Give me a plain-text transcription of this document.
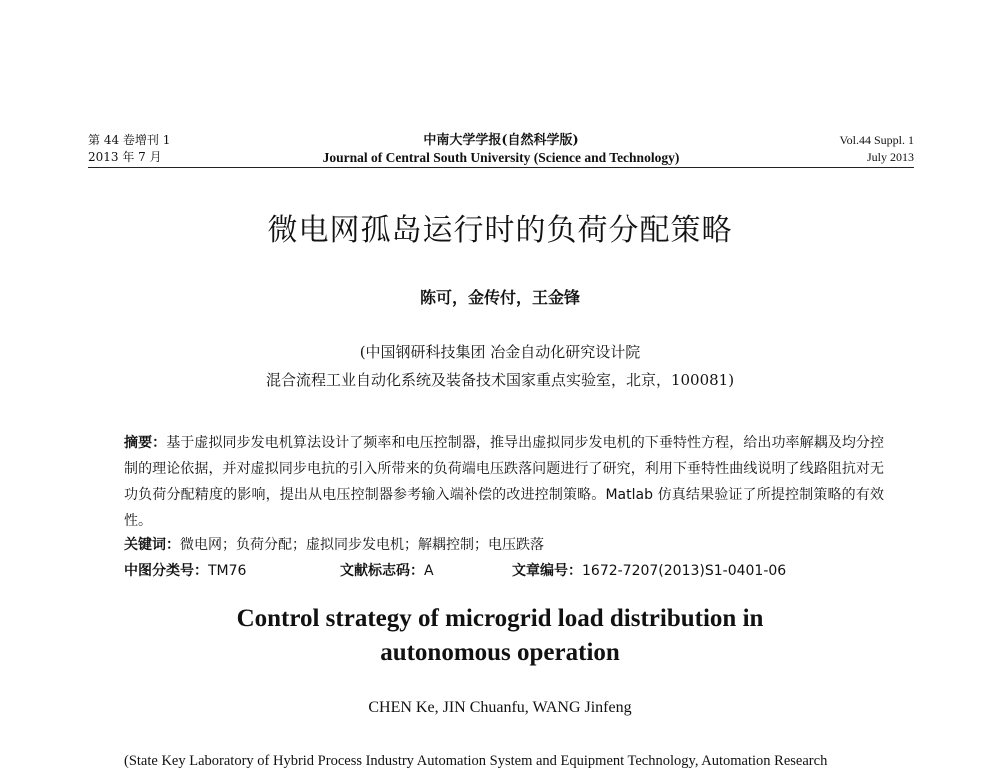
第 44 卷增刊 1
2013 年 7 月
中南大学学报(自然科学版)
Journal of Central South University (Science and Technology)
Vol.44 Suppl. 1
July 2013
微电网孤岛运行时的负荷分配策略
陈可，金传付，王金锋
(中国钢研科技集团 冶金自动化研究设计院
混合流程工业自动化系统及装备技术国家重点实验室，北京，100081)
摘要：基于虚拟同步发电机算法设计了频率和电压控制器，推导出虚拟同步发电机的下垂特性方程，给出功率解耦及均分控制的理论依据，并对虚拟同步电抗的引入所带来的负荷端电压跌落问题进行了研究，利用下垂特性曲线说明了线路阻抗对无功负荷分配精度的影响，提出从电压控制器参考输入端补偿的改进控制策略。Matlab 仿真结果验证了所提控制策略的有效性。
关键词：微电网；负荷分配；虚拟同步发电机；解耦控制；电压跌落
中图分类号：TM76	文献标志码：A	文章编号：1672-7207(2013)S1-0401-06
Control strategy of microgrid load distribution in
autonomous operation
CHEN Ke, JIN Chuanfu, WANG Jinfeng
(State Key Laboratory of Hybrid Process Industry Automation System and Equipment Technology, Automation Research
